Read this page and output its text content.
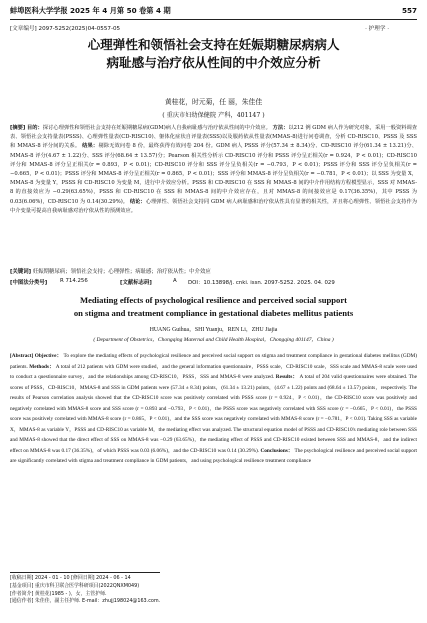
蚌埠医科大学学报 2025 年 4 月第 50 卷第 4 期	557
[文章编号] 2097-5252(2025)04-0557-05	· 护理学 ·
心理弹性和领悟社会支持在妊娠期糖尿病病人
病耻感与治疗依从性间的中介效应分析
黄桂花，时元菊，任 丽，朱佳佳
( 重庆市妇幼保健院 产科，401147 )
[摘要] 目的：探讨心理弹性和领悟社会支持在妊娠期糖尿病(GDM)病人自我病耻感与治疗依从性间的中介效应。 方法：以212 例 GDM 病人作为研究对象，采用一般资料调查表、领悟社会支持量表(PSSS)、心理弹性量表(CD-RISC10)、躯体化症状自评量表(SSS)以及服药依从性量表(MMAS-8)进行问卷调查，分析 CD-RISC10、PSSS 及 SSS 和 MMAS-8 评分间的关系。 结果：剔除无效问卷 8 份，最终获得有效问卷 204 份。GDM 病人 PSSS 评分(57.34 ± 8.34)分、CD-RISC10 评分(61.34 ± 13.21)分、MMAS-8 评分(4.67 ± 1.22)分、SSS 评分(68.64 ± 13.57)分；Pearson 相关性分析示 CD-RISC10 评分和 PSSS 评分呈正相关(r = 0.924，P < 0.01)；CD-RISC10 评分和 MMAS-8 评分呈正相关(r = 0.893，P < 0.01)；CD-RISC10 评分和 SSS 评分呈负相关(r = −0.793，P < 0.01)；PSSS 评分和 SSS 评分呈负相关(r = −0.665，P < 0.01)；PSSS 评分和 MMAS-8 评分呈正相关(r = 0.865，P < 0.01)；SSS 评分和 MMAS-8 评分呈负相关(r = −0.781，P < 0.01)；以 SSS 为变量 X，MMAS-8 为变量 Y，PSSS 和 CD-RISC10 为变量 M，进行中介效应分析。PSSS 和 CD-RISC10 在 SSS 和 MMAS-8 间的中介作用结构方程模型显示，SSS 对 MMAS-8 的直接效应为 −0.29(63.65%)，PSSS 和 CD-RISC10 在 SSS 和 MMAS-8 间的中介效应存在，且对 MMAS-8 的间接效应是 0.17(36.35%)，其中 PSSS 为 0.03(6.06%)，CD-RISC10 为 0.14(30.29%)。 结论：心理弹性、领悟社会支持同 GDM 病人病耻感和治疗依从性具有显著的相关性，并且将心理弹性、领悟社会支持作为中介变量可提高自我病耻感对治疗依从性的预测效应。
[关键词] 妊娠期糖尿病；领悟社会支持；心理弹性；病耻感；治疗依从性；中介效应
[中图法分类号] R 714.256	[文献标志码]	A DOI：10.13898/j. cnki. issn. 2097-5252. 2025. 04. 029
Mediating effects of psychological resilience and perceived social support
on stigma and treatment compliance in gestational diabetes mellitus patients
HUANG Guihua，SHI Yuanju，REN Li，ZHU Jiajia
( Department of Obstetrics，Chongqing Maternal and Child Health Hospital，Chongqing 401147，China )
[Abstract] Objective： To explore the mediating effects of psychological resilience and perceived social support on stigma and treatment compliance in gestational diabetes mellitus (GDM) patients. Methods： A total of 212 patients with GDM were studied，and the general information questionnaire，PSSS scale，CD-RISC10 scale，SSS scale and MMAS-8 scale were used to conduct a questionnaire survey，and the relationships among CD-RISC10，PSSS，SSS and MMAS-8 were analyzed. Results： A total of 204 valid questionnaires were obtained. The scores of PSSS，CD-RISC10，MMAS-8 and SSS in GDM patients were (57.34 ± 8.34) points，(61.34 ± 13.21) points，(4.67 ± 1.22) points and (68.64 ± 13.57) points，respectively. The results of Pearson correlation analysis showed that the CD-RISC10 score was positively correlated with PSSS score (r = 0.924，P < 0.01)，the CD-RISC10 score was positively and negatively correlated with MMAS-8 score and SSS score (r = 0.893 and −0.793，P < 0.01)，the PSSS score was negatively correlated with SSS score (r = −0.665，P < 0.01)，the PSSS score was positively correlated with MMAS-8 score (r = 0.865，P < 0.01)，and the SSS score was negatively correlated with MMAS-8 score (r = −0.781，P < 0.01). Taking SSS as variable X，MMAS-8 as variable Y，PSSS and CD-RISC10 as variable M，the mediating effect was analyzed. The structural equation model of PSSS and CD-RISC10's mediating role between SSS and MMAS-8 showed that the direct effect of SSS on MMAS-8 was −0.29 (63.65%)，the mediating effect of PSSS and CD-RISC10 existed between SSS and MMAS-8，and the indirect effect on MMAS-8 was 0.17 (36.35%)，of which PSSS was 0.03 (6.06%)，and the CD-RISC10 was 0.14 (30.29%). Conclusions： The psychological resilience and perceived social support are significantly correlated with stigma and treatment compliance in GDM patients，and using psychological resilience treatment compliance
[收稿日期] 2024 - 01 - 10 [修回日期] 2024 - 06 - 14
[基金项目] 重庆市科卫联合医学科研项目(2022QNXM049)
[作者简介] 黄桂花(1985 - )，女，主管护师.
[通信作者] 朱佳佳，副主任护师. E-mail：zhujj198024@163.com.
